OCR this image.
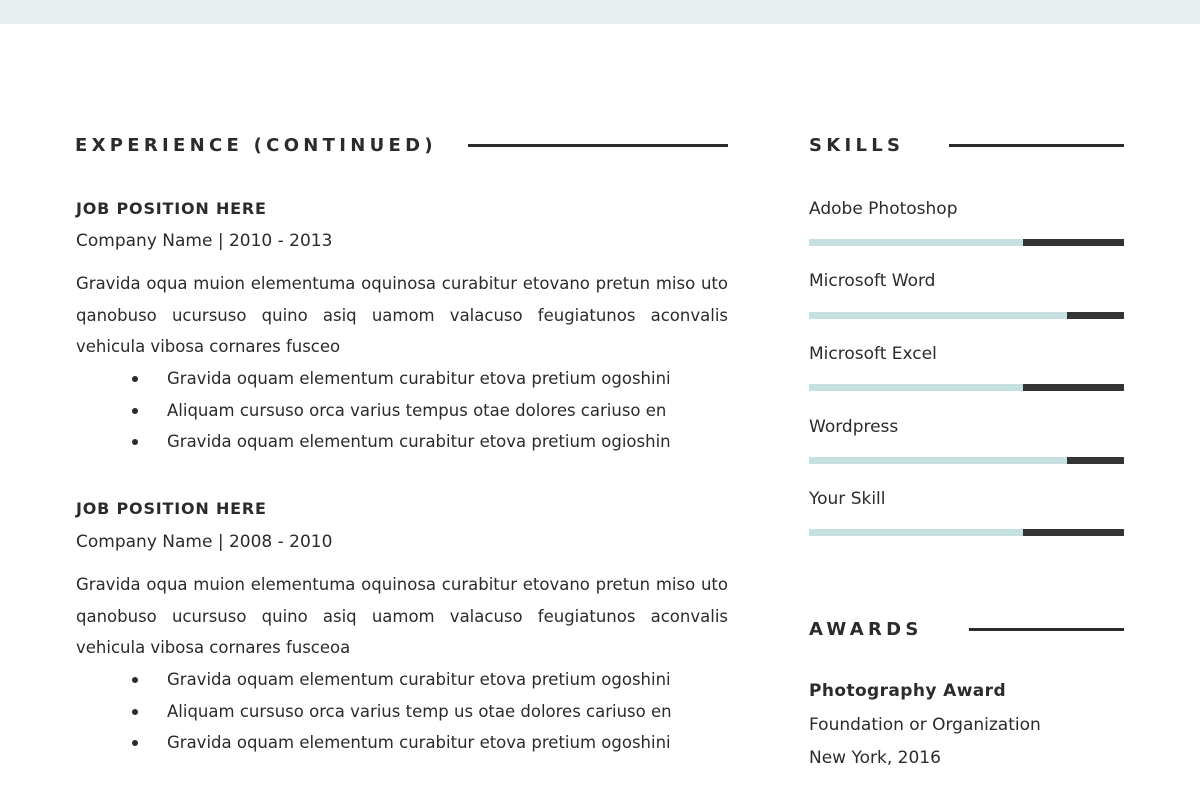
EXPERIENCE (CONTINUED)
JOB POSITION HERE
Company Name | 2010 - 2013

Gravida oqua muion elementuma oquinosa curabitur etovano pretun miso uto qanobuso ucursuso quino asiq uamom valacuso feugiatunos aconvalis vehicula vibosa cornares fusceo

Gravida oquam elementum curabitur etova pretium ogoshini
Aliquam cursuso orca varius tempus otae dolores cariuso en
Gravida oquam elementum curabitur etova pretium ogioshin
JOB POSITION HERE
Company Name | 2008 - 2010

Gravida oqua muion elementuma oquinosa curabitur etovano pretun miso uto qanobuso ucursuso quino asiq uamom valacuso feugiatunos aconvalis vehicula vibosa cornares fusceoa

Gravida oquam elementum curabitur etova pretium ogoshini
Aliquam cursuso orca varius temp us otae dolores cariuso en
Gravida oquam elementum curabitur etova pretium ogoshini
SKILLS
Adobe Photoshop
Microsoft Word
Microsoft Excel
Wordpress
Your Skill
AWARDS
Photography Award
Foundation or Organization
New York, 2016
